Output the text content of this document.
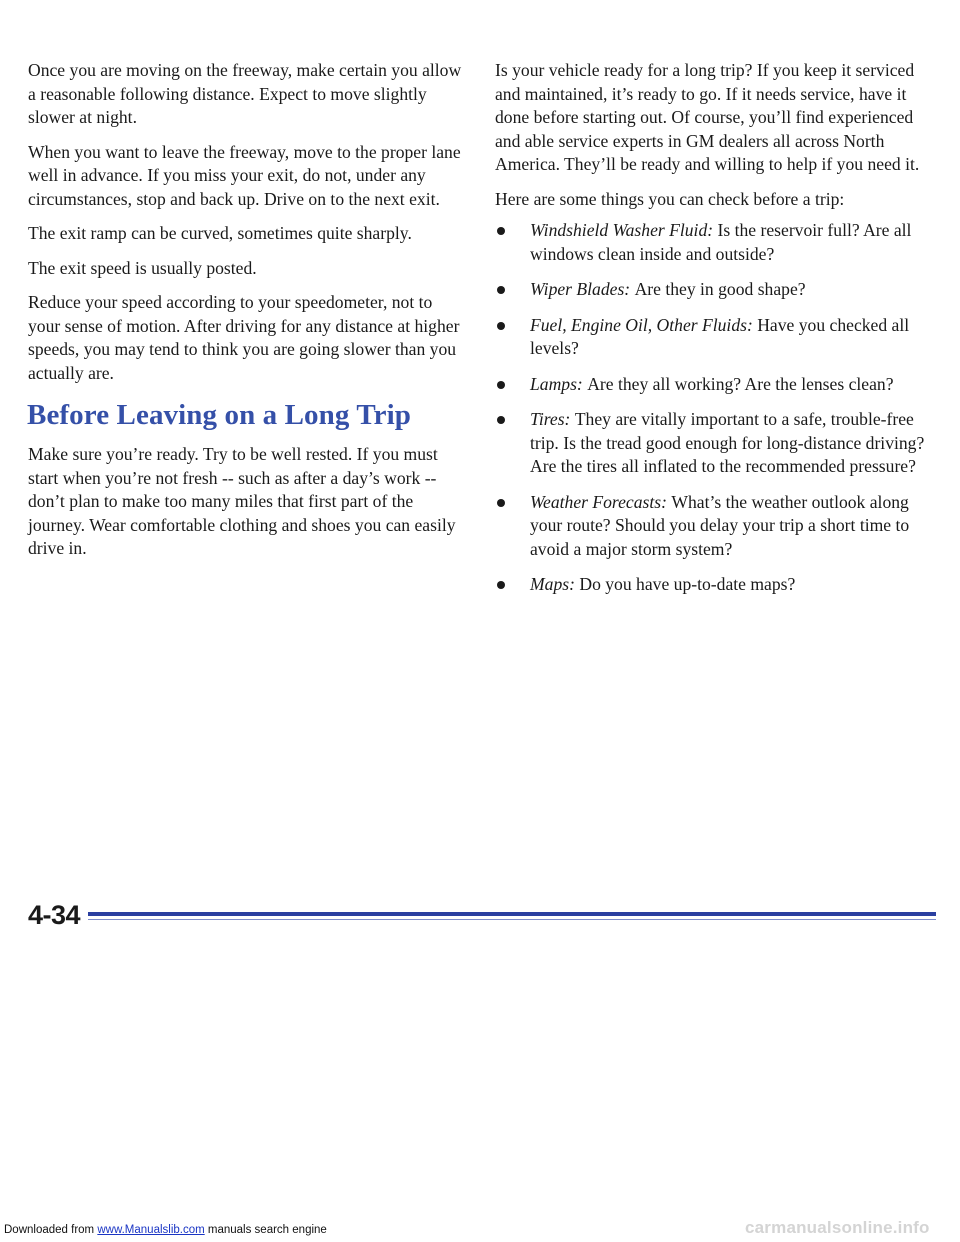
Once you are moving on the freeway, make certain you allow a reasonable following distance. Expect to move slightly slower at night.

When you want to leave the freeway, move to the proper lane well in advance. If you miss your exit, do not, under any circumstances, stop and back up. Drive on to the next exit.

The exit ramp can be curved, sometimes quite sharply.

The exit speed is usually posted.

Reduce your speed according to your speedometer, not to your sense of motion. After driving for any distance at higher speeds, you may tend to think you are going slower than you actually are.

Before Leaving on a Long Trip

Make sure you’re ready. Try to be well rested. If you must start when you’re not fresh -- such as after a day’s work -- don’t plan to make too many miles that first part of the journey. Wear comfortable clothing and shoes you can easily drive in.

Is your vehicle ready for a long trip? If you keep it serviced and maintained, it’s ready to go. If it needs service, have it done before starting out. Of course, you’ll find experienced and able service experts in GM dealers all across North America. They’ll be ready and willing to help if you need it.

Here are some things you can check before a trip:

Windshield Washer Fluid: Is the reservoir full? Are all windows clean inside and outside?
Wiper Blades: Are they in good shape?
Fuel, Engine Oil, Other Fluids: Have you checked all levels?
Lamps: Are they all working? Are the lenses clean?
Tires: They are vitally important to a safe, trouble-free trip. Is the tread good enough for long-distance driving? Are the tires all inflated to the recommended pressure?
Weather Forecasts: What’s the weather outlook along your route? Should you delay your trip a short time to avoid a major storm system?
Maps: Do you have up-to-date maps?
4-34
Downloaded from www.Manualslib.com manuals search engine	carmanualsonline.info
